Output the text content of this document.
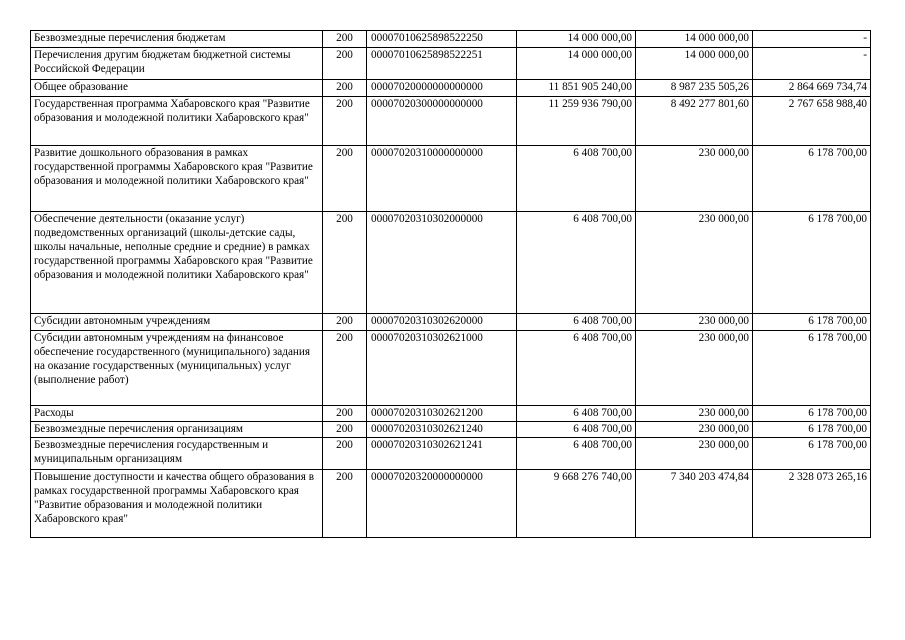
Безвозмездные перечисления бюджетам	200	00007010625898522250	14 000 000,00	14 000 000,00	-
Перечисления другим бюджетам бюджетной системы Российской Федерации	200	00007010625898522251	14 000 000,00	14 000 000,00	-
Общее образование	200	00007020000000000000	11 851 905 240,00	8 987 235 505,26	2 864 669 734,74
Государственная программа Хабаровского края "Развитие образования и молодежной политики Хабаровского края"	200	00007020300000000000	11 259 936 790,00	8 492 277 801,60	2 767 658 988,40
Развитие дошкольного образования в рамках государственной программы Хабаровского края "Развитие образования и молодежной политики Хабаровского края"	200	00007020310000000000	6 408 700,00	230 000,00	6 178 700,00
Обеспечение деятельности (оказание услуг) подведомственных организаций (школы-детские сады, школы начальные, неполные средние и средние) в рамках государственной программы Хабаровского края "Развитие образования и молодежной политики Хабаровского края"	200	00007020310302000000	6 408 700,00	230 000,00	6 178 700,00
Субсидии автономным учреждениям	200	00007020310302620000	6 408 700,00	230 000,00	6 178 700,00
Субсидии автономным учреждениям на финансовое обеспечение государственного (муниципального) задания на оказание государственных (муниципальных) услуг (выполнение работ)	200	00007020310302621000	6 408 700,00	230 000,00	6 178 700,00
Расходы	200	00007020310302621200	6 408 700,00	230 000,00	6 178 700,00
Безвозмездные перечисления организациям	200	00007020310302621240	6 408 700,00	230 000,00	6 178 700,00
Безвозмездные перечисления государственным и муниципальным организациям	200	00007020310302621241	6 408 700,00	230 000,00	6 178 700,00
Повышение доступности и качества общего образования в рамках государственной программы Хабаровского края "Развитие образования и молодежной политики Хабаровского края"	200	00007020320000000000	9 668 276 740,00	7 340 203 474,84	2 328 073 265,16
